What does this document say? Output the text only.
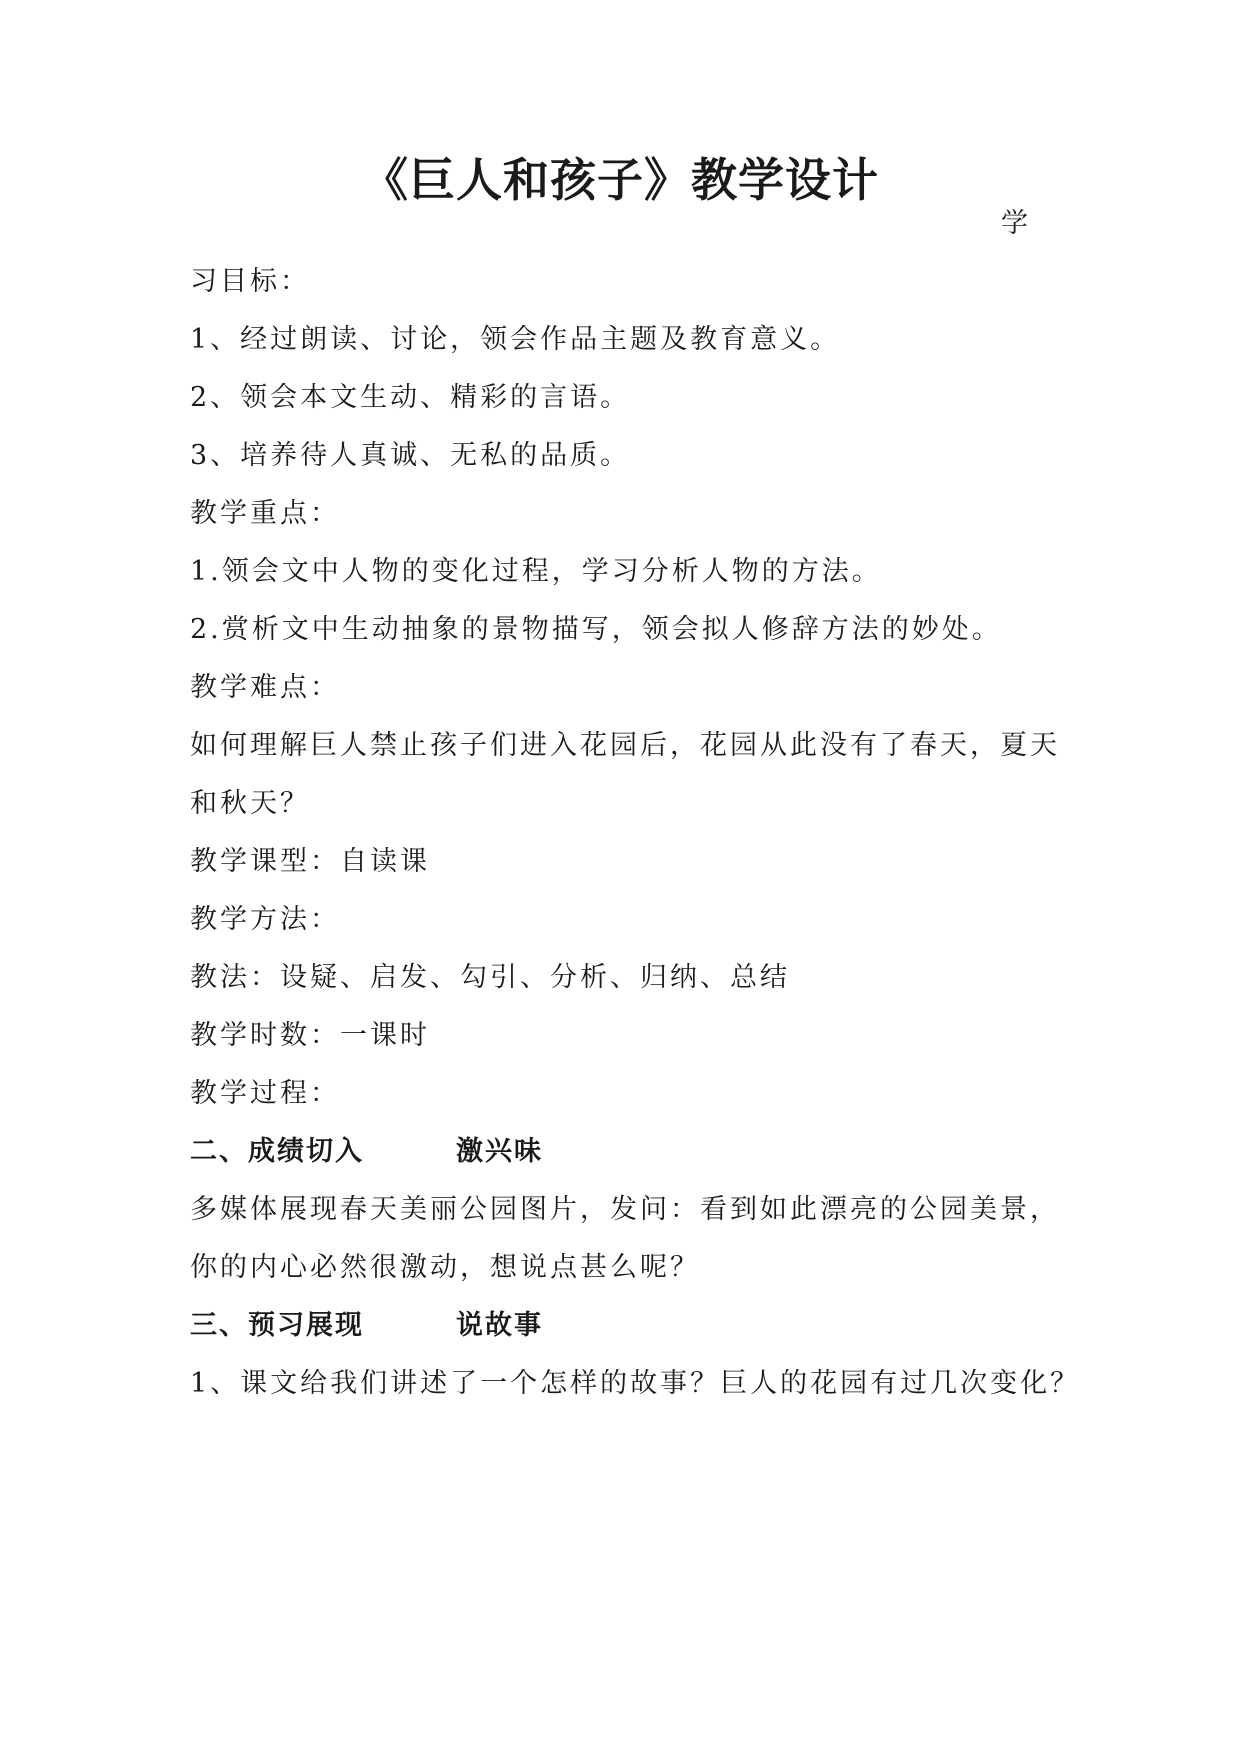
《巨人和孩子》教学设计
学
习目标：
1、经过朗读、讨论，领会作品主题及教育意义。
2、领会本文生动、精彩的言语。
3、培养待人真诚、无私的品质。
教学重点：
1.领会文中人物的变化过程，学习分析人物的方法。
2.赏析文中生动抽象的景物描写，领会拟人修辞方法的妙处。
教学难点：
如何理解巨人禁止孩子们进入花园后，花园从此没有了春天，夏天
和秋天？
教学课型：自读课
教学方法：
教法：设疑、启发、勾引、分析、归纳、总结
教学时数：一课时
教学过程：
二、成绩切入	激兴味
多媒体展现春天美丽公园图片，发问：看到如此漂亮的公园美景，
你的内心必然很激动，想说点甚么呢？
三、预习展现	说故事
1、课文给我们讲述了一个怎样的故事？巨人的花园有过几次变化？
